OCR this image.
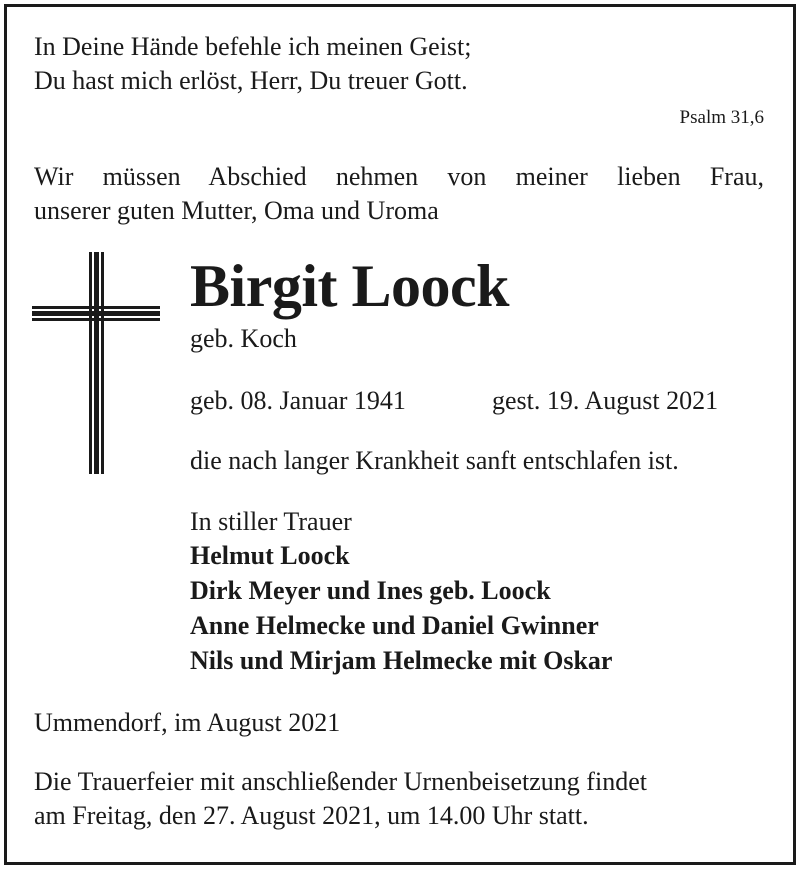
In Deine Hände befehle ich meinen Geist;
Du hast mich erlöst, Herr, Du treuer Gott.
Psalm 31,6
Wir müssen Abschied nehmen von meiner lieben Frau,
unserer guten Mutter, Oma und Uroma
Birgit Loock
geb. Koch
geb. 08. Januar 1941	gest. 19. August 2021
die nach langer Krankheit sanft entschlafen ist.
In stiller Trauer
Helmut Loock
Dirk Meyer und Ines geb. Loock
Anne Helmecke und Daniel Gwinner
Nils und Mirjam Helmecke mit Oskar
Ummendorf, im August 2021
Die Trauerfeier mit anschließender Urnenbeisetzung findet
am Freitag, den 27. August 2021, um 14.00 Uhr statt.
